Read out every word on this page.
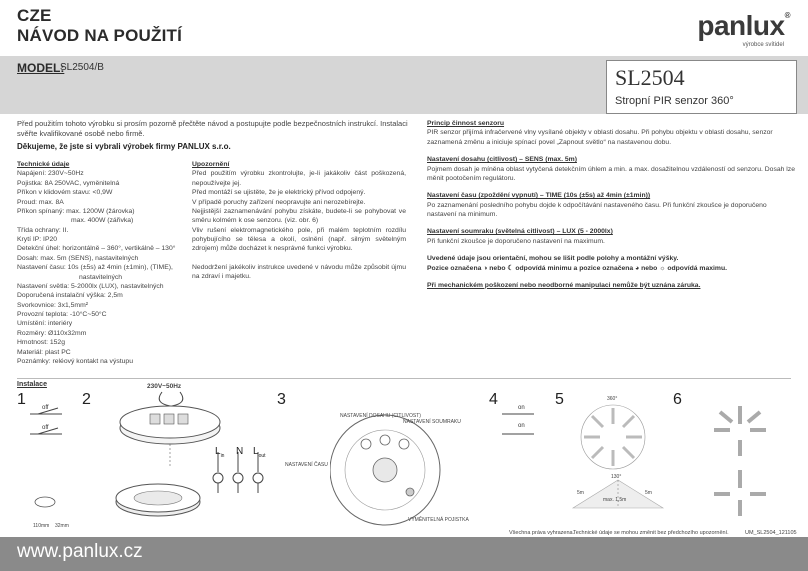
CZE
NÁVOD NA POUŽITÍ	panlux®
výrobce svítidel
MODEL:
SL2504/B	SL2504
Stropní PIR senzor 360°
Před použitím tohoto výrobku si prosím pozorně přečtěte návod a postupujte podle bezpečnostních instrukcí. Instalaci svěřte kvalifikované osobě nebo firmě.
Děkujeme, že jste si vybrali výrobek firmy PANLUX s.r.o.
Technické údaje
Napájení: 230V~50Hz
Pojistka: 8A 250VAC, vyměnitelná
Příkon v klidovém stavu: <0,9W
Proud: max. 8A
Příkon spínaný: max. 1200W (žárovka)
max. 400W (zářivka)
Třída ochrany: II.
Krytí IP: IP20
Detekční úhel: horizontálně – 360°, vertikálně – 130°
Dosah: max. 5m (SENS), nastavitelných
Nastavení času: 10s (±5s) až 4min (±1min), (TIME),
nastavitelných
Nastavení světla: 5-2000lx (LUX), nastavitelných
Doporučená instalační výška: 2,5m
Svorkovnice: 3x1,5mm²
Provozní teplota: -10°C~50°C
Umístění: interiéry
Rozměry: Ø110x32mm
Hmotnost: 152g
Materiál: plast PC
Poznámky: reléový kontakt na výstupu
Upozornění
Před použitím výrobku zkontrolujte, je-li jakákoliv část poškozená, nepoužívejte jej.
Před montáží se ujistěte, že je elektrický přívod odpojený.
V případě poruchy zařízení neopravujte ani nerozebírejte.
Nejjistější zaznamenávání pohybu získáte, budete-li se pohybovat ve směru kolmém k ose senzoru. (viz. obr. 6)
Vliv rušení elektromagnetického pole, při malém teplotním rozdílu pohybujícího se tělesa a okolí, oslnění (např. silným světelným zdrojem) může docházet k nesprávné funkci výrobku.
Nedodržení jakékoliv instrukce uvedené v návodu může způsobit újmu na zdraví i majetku.
Princip činnost senzoru
PIR senzor přijímá infračervené vlny vysílané objekty v oblasti dosahu. Při pohybu objektu v oblasti dosahu, senzor zaznamená změnu a iniciuje spínací povel „Zapnout světlo“ na nastavenou dobu.
Nastavení dosahu (citlivost) – SENS (max. 5m)
Pojmem dosah je míněna oblast vytyčená detekčním úhlem a min. a max. dosažitelnou vzdáleností od senzoru. Dosah lze měnit pootočením regulátoru.
Nastavení času (zpoždění vypnutí) – TIME (10s (±5s) až 4min (±1min))
Po zaznamenání posledního pohybu dojde k odpočítávání nastaveného času. Při funkční zkoušce je doporučeno nastavení na minimum.
Nastavení soumraku (světelná citlivost) – LUX (5 - 2000lx)
Při funkční zkoušce je doporučeno nastavení na maximum.
Uvedené údaje jsou orientační, mohou se lišit podle polohy a montážní výšky.
Pozice označena ◑ nebo ☾ odpovídá minimu a pozice označena ◕ nebo ☼ odpovídá maximu.
Při mechanickém poškození nebo neodborné manipulaci nemůže být uznána záruka.
Instalace
1	off
off
2
230V~50Hz
$L_{in}$ N $L_{out}$
110mm 32mm
3
NASTAVENÍ DOSAHU (CITLIVOST)
NASTAVENÍ SOUMRAKU
NASTAVENÍ ČASU
VYMĚNITELNÁ POJISTKA
4	on
on
5	360°
130°
5m	5m
max. 1,5m
6
Všechna práva vyhrazena.
Technické údaje se mohou změnit bez předchozího upozornění.	UM_SL2504_121105
www.panlux.cz
